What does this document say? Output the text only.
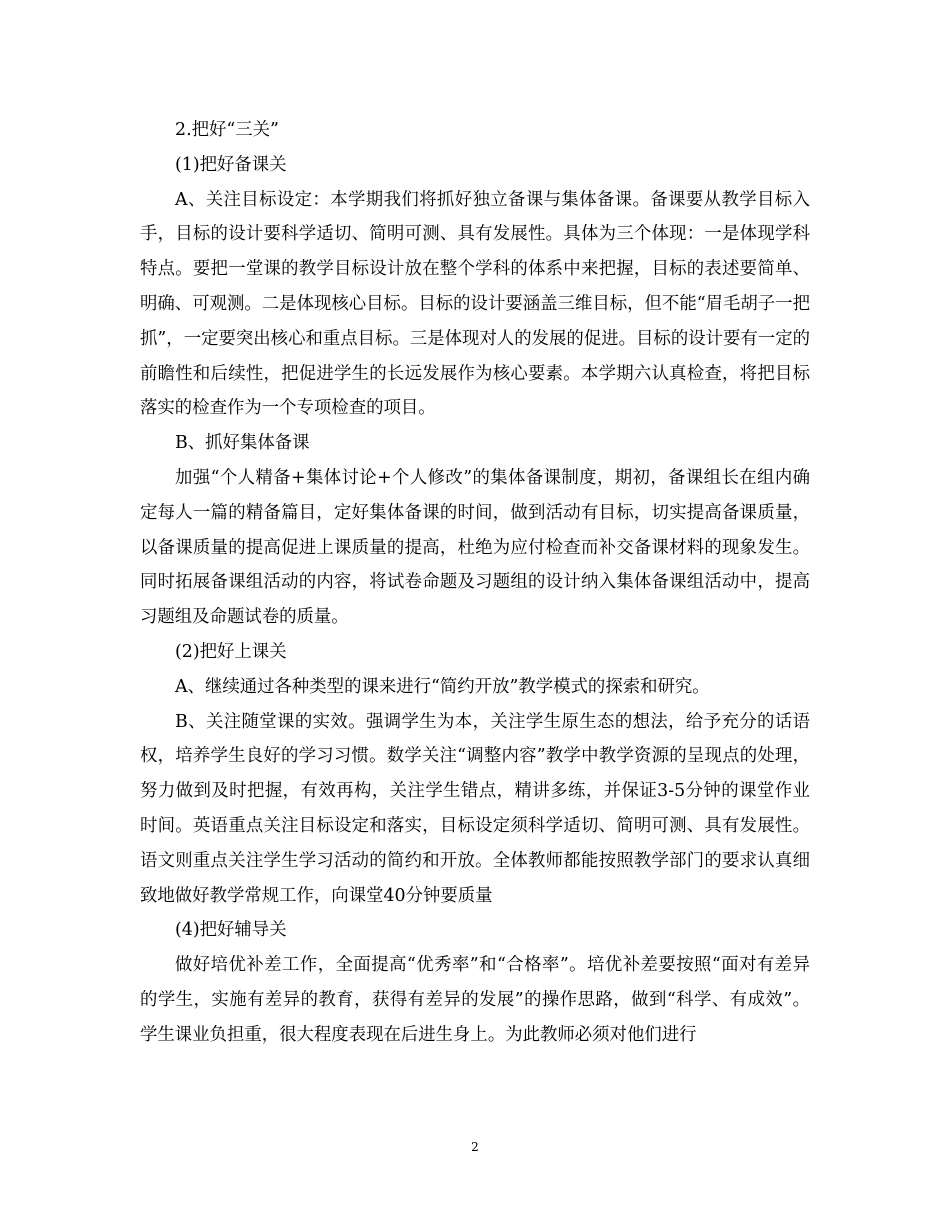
2.把好“三关”

(1)把好备课关

A、关注目标设定：本学期我们将抓好独立备课与集体备课。备课要从教学目标入手，目标的设计要科学适切、简明可测、具有发展性。具体为三个体现：一是体现学科特点。要把一堂课的教学目标设计放在整个学科的体系中来把握，目标的表述要简单、明确、可观测。二是体现核心目标。目标的设计要涵盖三维目标，但不能“眉毛胡子一把抓”，一定要突出核心和重点目标。三是体现对人的发展的促进。目标的设计要有一定的前瞻性和后续性，把促进学生的长远发展作为核心要素。本学期六认真检查，将把目标落实的检查作为一个专项检查的项目。

B、抓好集体备课

加强“个人精备+集体讨论+个人修改”的集体备课制度，期初，备课组长在组内确定每人一篇的精备篇目，定好集体备课的时间，做到活动有目标，切实提高备课质量，以备课质量的提高促进上课质量的提高，杜绝为应付检查而补交备课材料的现象发生。同时拓展备课组活动的内容，将试卷命题及习题组的设计纳入集体备课组活动中，提高习题组及命题试卷的质量。

(2)把好上课关

A、继续通过各种类型的课来进行“简约开放”教学模式的探索和研究。

B、关注随堂课的实效。强调学生为本，关注学生原生态的想法，给予充分的话语权，培养学生良好的学习习惯。数学关注“调整内容”教学中教学资源的呈现点的处理，努力做到及时把握，有效再构，关注学生错点，精讲多练，并保证3-5分钟的课堂作业时间。英语重点关注目标设定和落实，目标设定须科学适切、简明可测、具有发展性。语文则重点关注学生学习活动的简约和开放。全体教师都能按照教学部门的要求认真细致地做好教学常规工作，向课堂40分钟要质量

(4)把好辅导关

做好培优补差工作，全面提高“优秀率”和“合格率”。培优补差要按照“面对有差异的学生，实施有差异的教育，获得有差异的发展”的操作思路，做到“科学、有成效”。学生课业负担重，很大程度表现在后进生身上。为此教师必须对他们进行

2
